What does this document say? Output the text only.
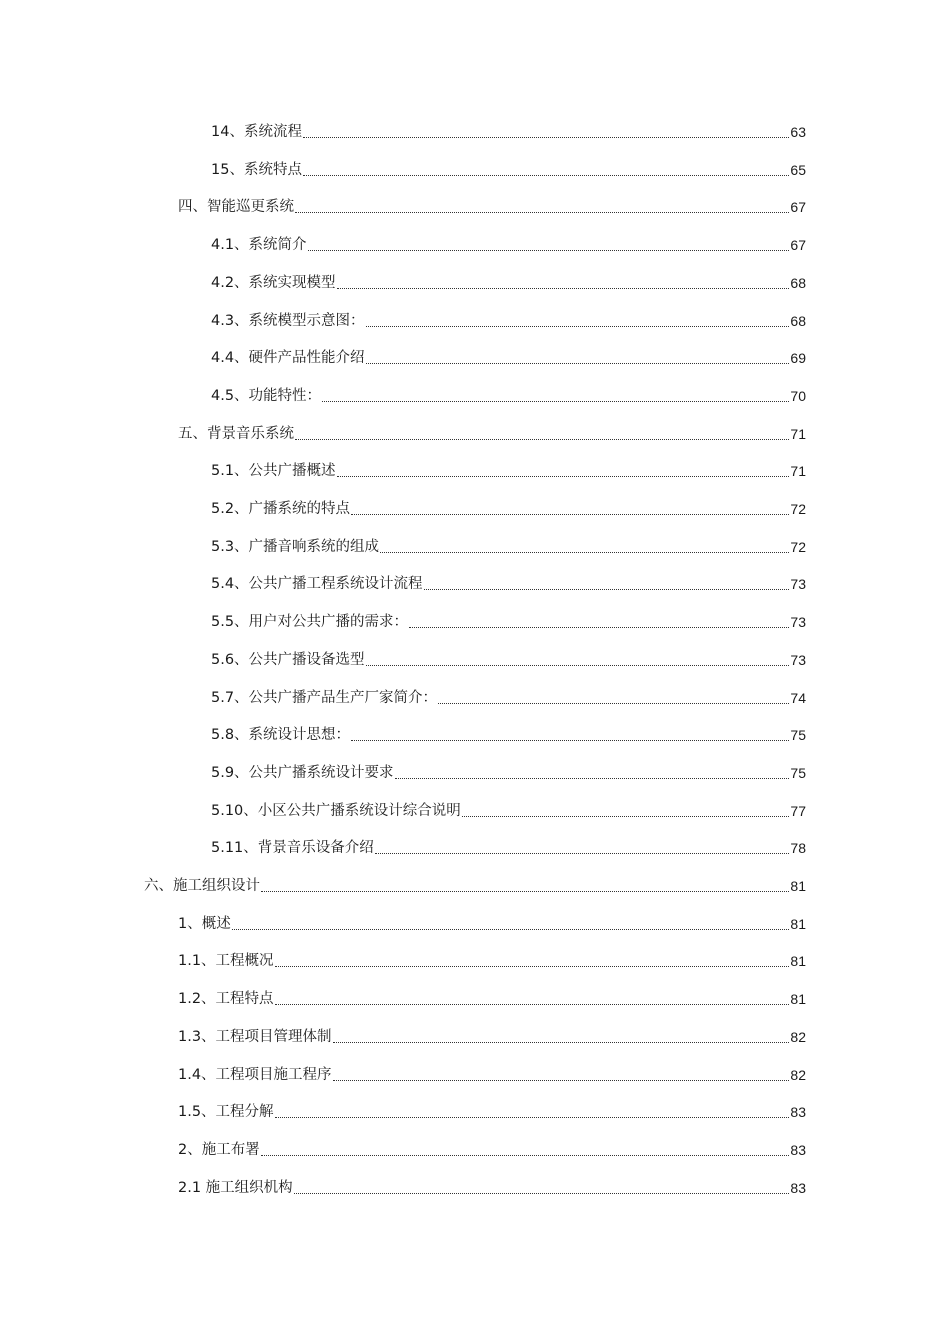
14、系统流程	63
15、系统特点	65
四、智能巡更系统	67
4.1、系统简介	67
4.2、系统实现模型	68
4.3、系统模型示意图：	68
4.4、硬件产品性能介绍	69
4.5、功能特性：	70
五、背景音乐系统	71
5.1、公共广播概述	71
5.2、广播系统的特点	72
5.3、广播音响系统的组成	72
5.4、公共广播工程系统设计流程	73
5.5、用户对公共广播的需求：	73
5.6、公共广播设备选型	73
5.7、公共广播产品生产厂家简介：	74
5.8、系统设计思想：	75
5.9、公共广播系统设计要求	75
5.10、小区公共广播系统设计综合说明	77
5.11、背景音乐设备介绍	78
六、施工组织设计	81
1、概述	81
1.1、工程概况	81
1.2、工程特点	81
1.3、工程项目管理体制	82
1.4、工程项目施工程序	82
1.5、工程分解	83
2、施工布署	83
2.1 施工组织机构	83
